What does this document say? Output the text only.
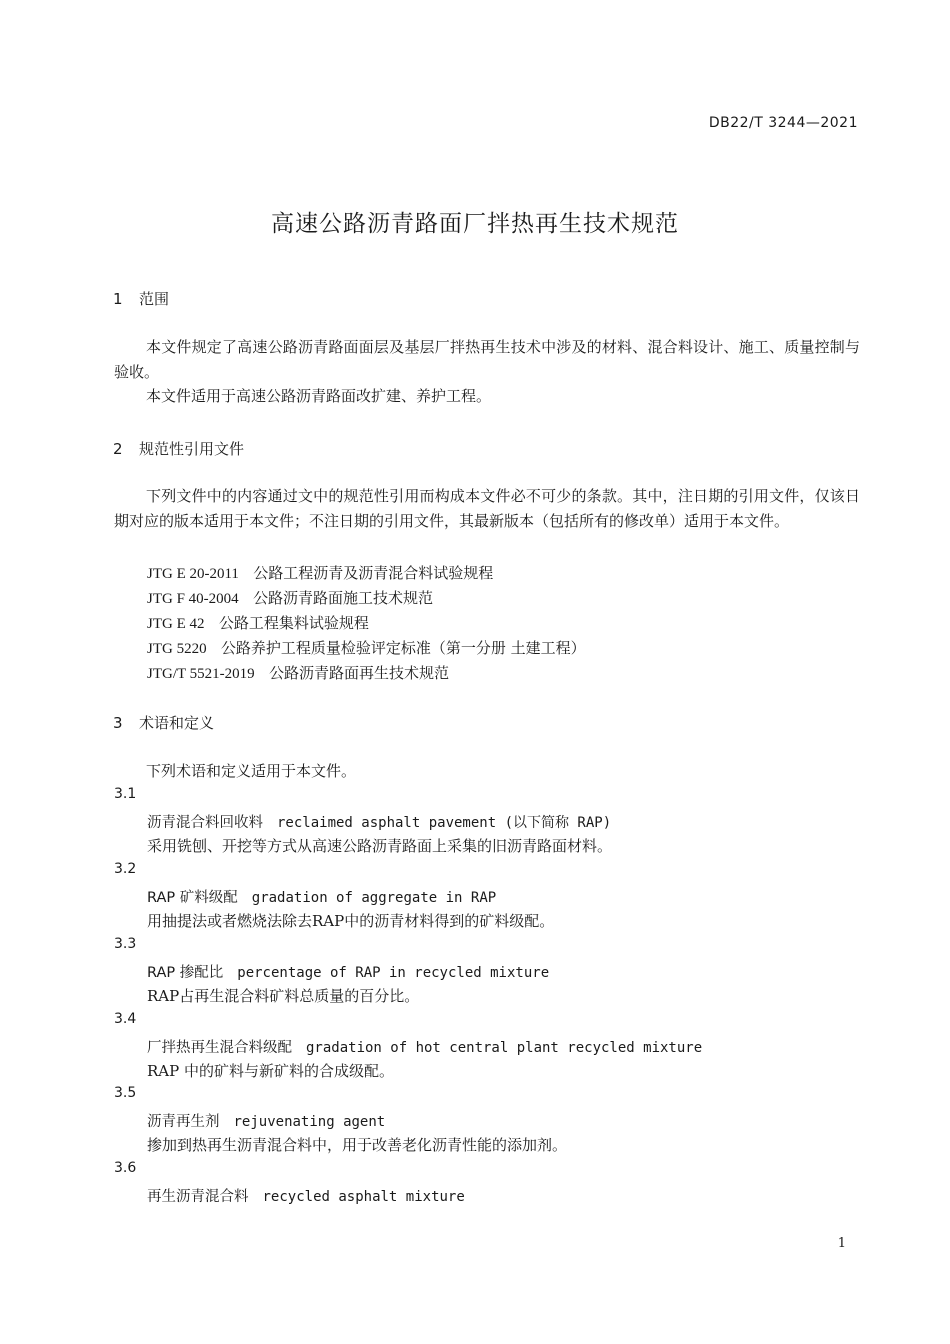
DB22/T 3244—2021
高速公路沥青路面厂拌热再生技术规范
1 范围

本文件规定了高速公路沥青路面面层及基层厂拌热再生技术中涉及的材料、混合料设计、施工、质量控制与验收。

本文件适用于高速公路沥青路面改扩建、养护工程。

2 规范性引用文件

下列文件中的内容通过文中的规范性引用而构成本文件必不可少的条款。其中，注日期的引用文件，仅该日期对应的版本适用于本文件；不注日期的引用文件，其最新版本（包括所有的修改单）适用于本文件。

JTG E 20-2011 公路工程沥青及沥青混合料试验规程
JTG F 40-2004 公路沥青路面施工技术规范
JTG E 42 公路工程集料试验规程
JTG 5220 公路养护工程质量检验评定标准（第一分册 土建工程）
JTG/T 5521-2019 公路沥青路面再生技术规范
3 术语和定义

下列术语和定义适用于本文件。

3.1
沥青混合料回收料 reclaimed asphalt pavement (以下简称 RAP)
采用铣刨、开挖等方式从高速公路沥青路面上采集的旧沥青路面材料。
3.2
RAP 矿料级配 gradation of aggregate in RAP
用抽提法或者燃烧法除去RAP中的沥青材料得到的矿料级配。
3.3
RAP 掺配比 percentage of RAP in recycled mixture
RAP占再生混合料矿料总质量的百分比。
3.4
厂拌热再生混合料级配 gradation of hot central plant recycled mixture
RAP 中的矿料与新矿料的合成级配。
3.5
沥青再生剂 rejuvenating agent
掺加到热再生沥青混合料中，用于改善老化沥青性能的添加剂。
3.6
再生沥青混合料 recycled asphalt mixture
1
